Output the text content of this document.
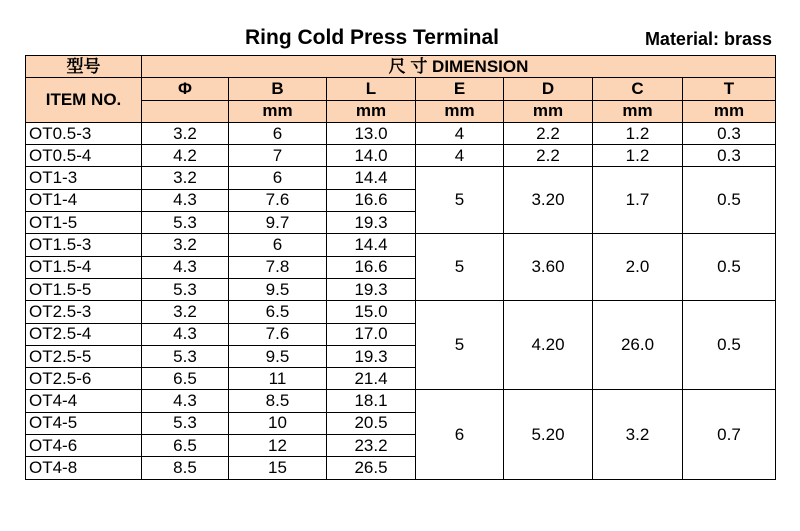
Ring Cold Press Terminal	Material: brass
型号	尺 寸 DIMENSION						
ITEM NO.	Φ	B	L	E	D	C	T
		mm	mm	mm	mm	mm	mm
OT0.5-3	3.2	6	13.0	4	2.2	1.2	0.3
OT0.5-4	4.2	7	14.0	4	2.2	1.2	0.3
OT1-3	3.2	6	14.4	5	3.20	1.7	0.5
OT1-4	4.3	7.6	16.6				
OT1-5	5.3	9.7	19.3				
OT1.5-3	3.2	6	14.4	5	3.60	2.0	0.5
OT1.5-4	4.3	7.8	16.6				
OT1.5-5	5.3	9.5	19.3				
OT2.5-3	3.2	6.5	15.0	5	4.20	26.0	0.5
OT2.5-4	4.3	7.6	17.0				
OT2.5-5	5.3	9.5	19.3				
OT2.5-6	6.5	11	21.4				
OT4-4	4.3	8.5	18.1	6	5.20	3.2	0.7
OT4-5	5.3	10	20.5				
OT4-6	6.5	12	23.2				
OT4-8	8.5	15	26.5				
